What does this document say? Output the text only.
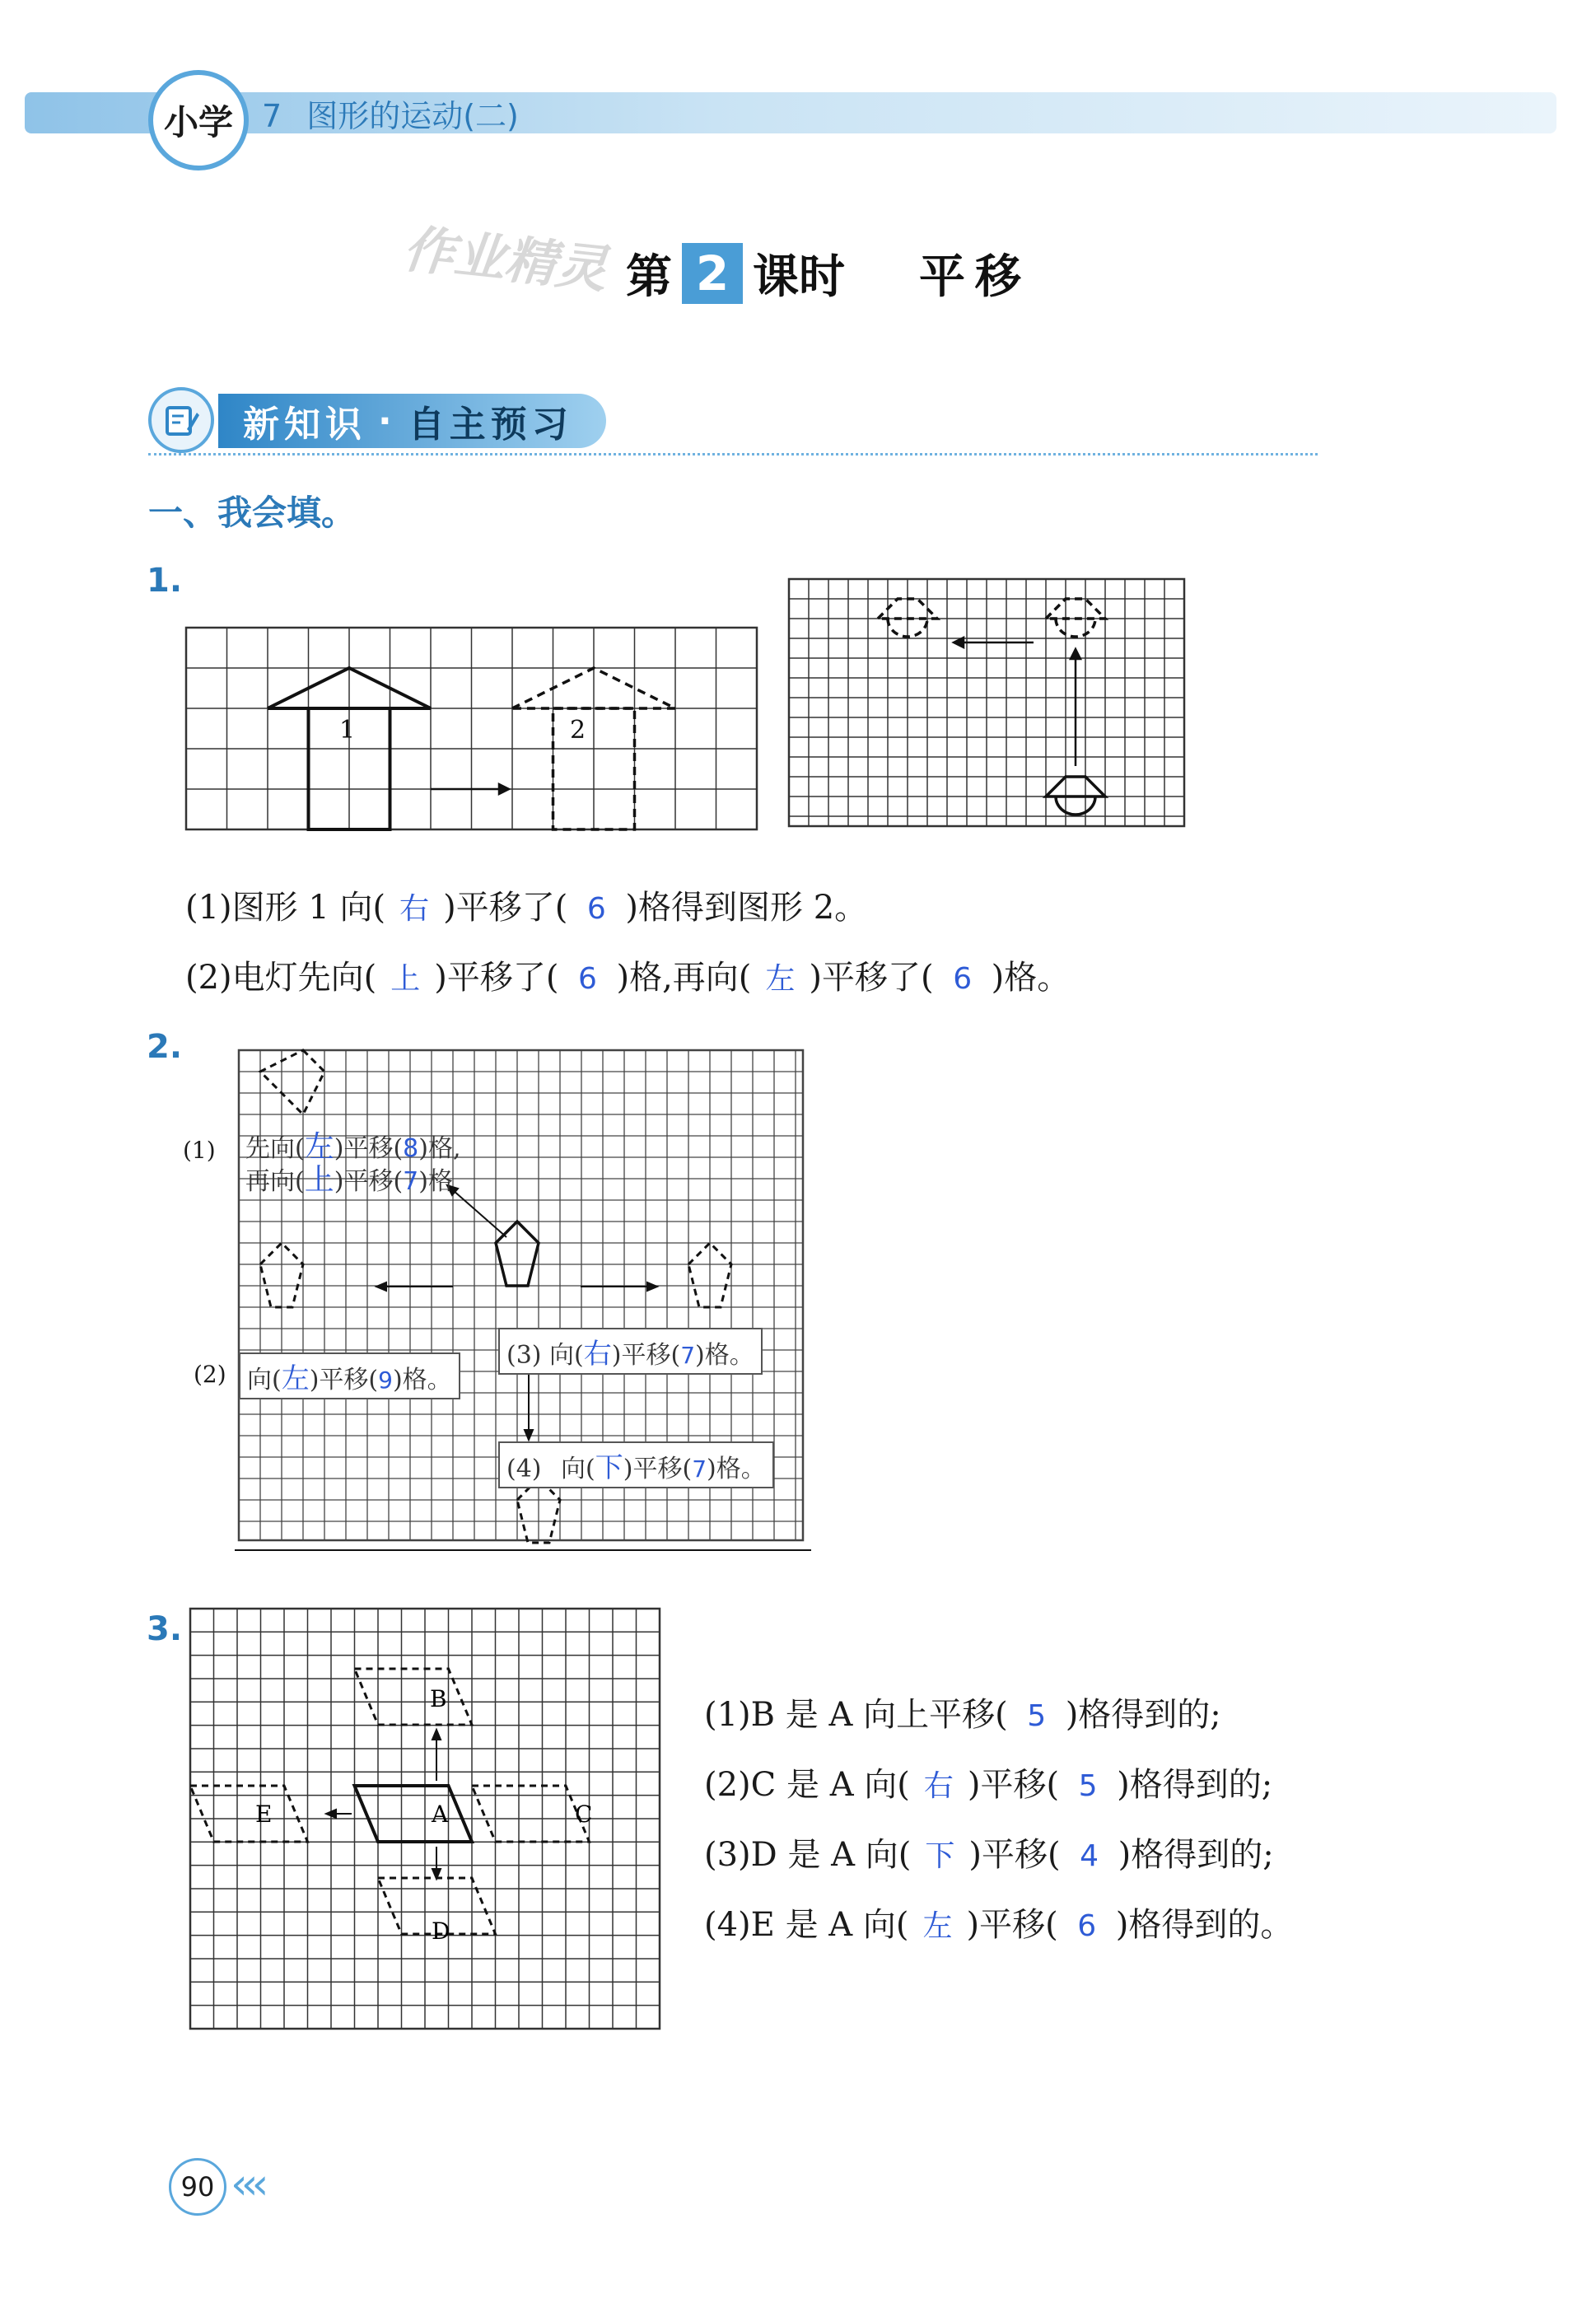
小学 7 图形的运动(二)
作业精灵 第 2 课时 平移
新知识 · 自主预习
一、我会填。
1.
1	2
(1)图形 1 向( 右 )平移了( 6 )格得到图形 2。
(2)电灯先向( 上 )平移了( 6 )格,再向( 左 )平移了( 6 )格。
2.
先向(左)平移(8)格,
再向(上)平移(7)格
(1)
向(左)平移(9)格。
(2)
(3) 向(右)平移(7)格。
(4) 向(下)平移(7)格。
3.
A
B
C
D
E
(1)B 是 A 向上平移( 5 )格得到的;
(2)C 是 A 向( 右 )平移( 5 )格得到的;
(3)D 是 A 向( 下 )平移( 4 )格得到的;
(4)E 是 A 向( 左 )平移( 6 )格得到的。
90 ‹‹‹
